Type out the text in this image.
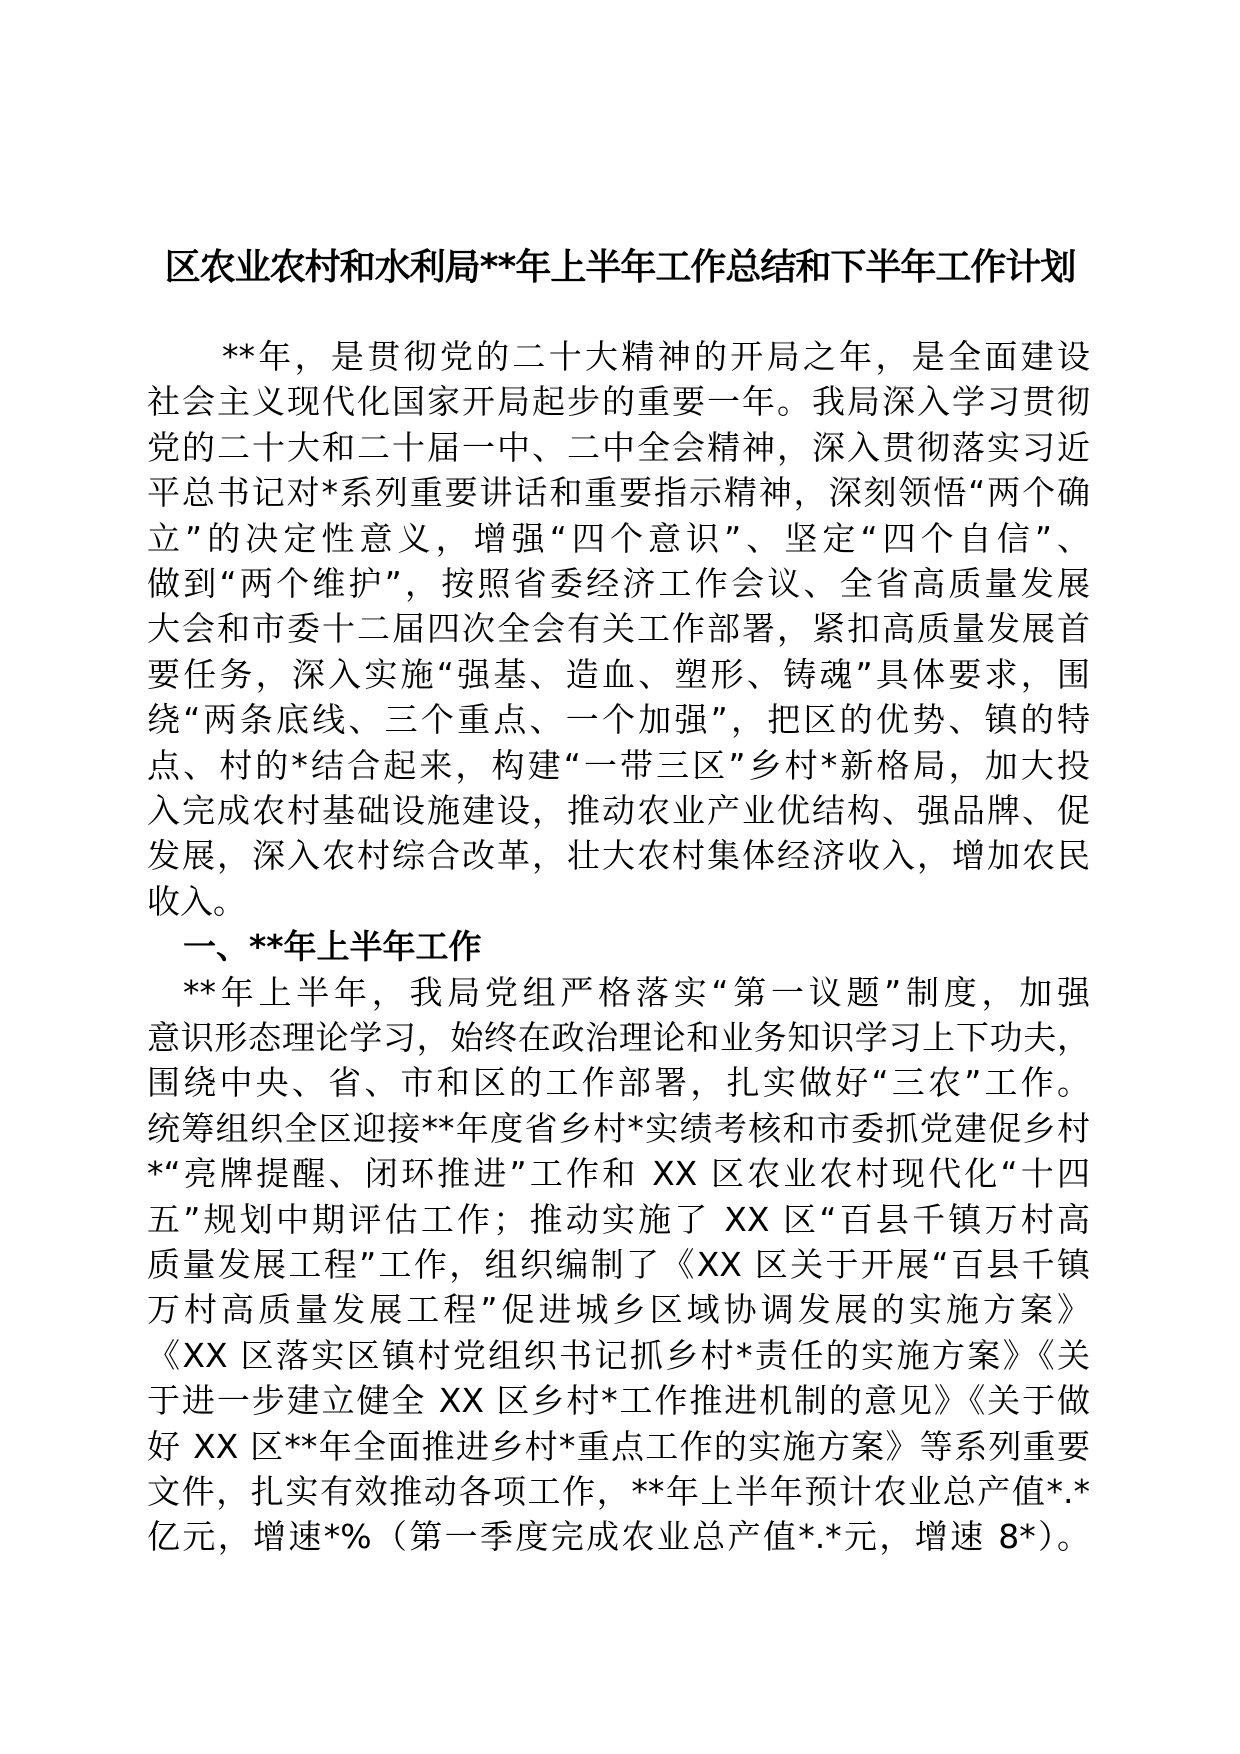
区农业农村和水利局**年上半年工作总结和下半年工作计划
**年，是贯彻党的二十大精神的开局之年，是全面建设
社会主义现代化国家开局起步的重要一年。我局深入学习贯彻
党的二十大和二十届一中、二中全会精神，深入贯彻落实习近
平总书记对*系列重要讲话和重要指示精神，深刻领悟“两个确
立”的决定性意义，增强“四个意识”、坚定“四个自信”、
做到“两个维护”，按照省委经济工作会议、全省高质量发展
大会和市委十二届四次全会有关工作部署，紧扣高质量发展首
要任务，深入实施“强基、造血、塑形、铸魂”具体要求，围
绕“两条底线、三个重点、一个加强”，把区的优势、镇的特
点、村的*结合起来，构建“一带三区”乡村*新格局，加大投
入完成农村基础设施建设，推动农业产业优结构、强品牌、促
发展，深入农村综合改革，壮大农村集体经济收入，增加农民
收入。
一、**年上半年工作
**年上半年，我局党组严格落实“第一议题”制度，加强
意识形态理论学习，始终在政治理论和业务知识学习上下功夫，
围绕中央、省、市和区的工作部署，扎实做好“三农”工作。
统筹组织全区迎接**年度省乡村*实绩考核和市委抓党建促乡村
*“亮牌提醒、闭环推进”工作和 XX 区农业农村现代化“十四
五”规划中期评估工作；推动实施了 XX 区“百县千镇万村高
质量发展工程”工作，组织编制了《XX 区关于开展“百县千镇
万村高质量发展工程”促进城乡区域协调发展的实施方案》
《XX 区落实区镇村党组织书记抓乡村*责任的实施方案》《关
于进一步建立健全 XX 区乡村*工作推进机制的意见》《关于做
好 XX 区**年全面推进乡村*重点工作的实施方案》等系列重要
文件，扎实有效推动各项工作，**年上半年预计农业总产值*.*
亿元，增速*%（第一季度完成农业总产值*.*元，增速 8*）。
